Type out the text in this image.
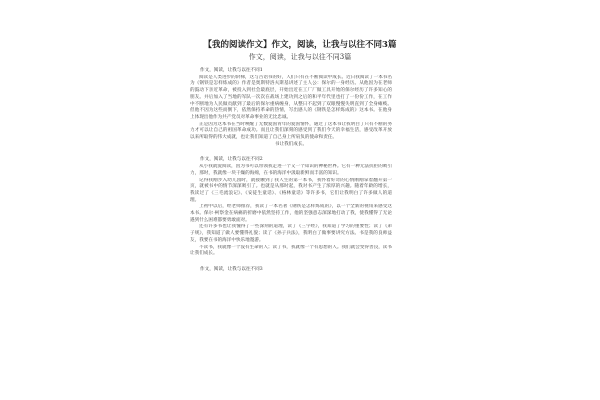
【我的阅读作文】作文，阅读，让我与以往不同3篇
作文，阅读，让我与以往不同3篇
作文，阅读，让我与以往不同1

阅读是人类进步的阶梯，这与古语书的好，人们只有在不断阅读中成长。近日我阅读了一本书名为《钢铁是怎样炼成的》作者是奥斯特洛夫斯基讲述了主人公：保尔的一身经历。从他因为在老师的鼓动下亲近革命，被投入到社会最底层，开始出近在工厂厂做工具开始的保尔经历了许多知心的朋友。并后加入了当地的军队一次次在战场上建功到之后的和平年代里也打了一份份工作，在工作中不断地为人民做贡献到了最后的保尔重病缠身，从整日不起到了双眼慢慢失明直到了全身瘫痪。但他不因为这些而倒下，依然保持革命的热情，写出感人的《钢铁是怎样炼成的》这本书。在他身上体现出他作为共产党员对革命事业的无比忠诚。

正是因为这本书在当时唤醒了无数爱国青年的爱国情怀，通过了这本书让我明白了只有不断的努力才可以让自己的祖国革命成功。而且让我们深刻的感受到了我们今天的幸福生活，感受改革开放以来所取得的伟大成就，也让我们知道了自己身上所肩负的使命和责任。

书让我们成长。

作文，阅读，让我与以往不同2

从小我就爱阅读，因为书可以带领我走进一个又一个知识的神秘世界。它有一种无法抗拒的吸引力，那时，我就像一块干燥的海绵，在书的海洋中汲取新鲜而丰富的知识。

记得我刚步入幼儿园时，就接触到了我人生的第一本书，我怀着好奇的心情刚刚拿着翻开第一页，就被书中的情节深深吸引了。也就是从那时起，我对书产生了浓厚的兴趣。随着年龄的增长，我读过了《三毛流浪记》、《安徒生童话》、《格林童话》等许多书，它们让我明白了许多做人的道理。

上初中以后，经老师推荐，我读了一本名著《钢铁是怎样炼成的》，以一个全新的视角来感受这本书。保尔·柯察金在病痛的折磨中依然坚持工作，他的坚强意志深深地打动了我，使我懂得了无论遇到什么困难都要勇敢面对。

还有许多书也让我懂得了一些深刻的道理，读了《三字经》，我知道了学习的重要性；读了《弟子规》，我知道了做人要懂得礼貌；读了《孙子兵法》，我明白了做事要讲究方法。书是我的良师益友，我要在书的海洋中快乐地遨游。

不读书，我就像一个没有生命的人；读了书，我就像一个有思想的人。我们就会变得善良，读书让我们成长。

作文，阅读，让我与以往不同3
